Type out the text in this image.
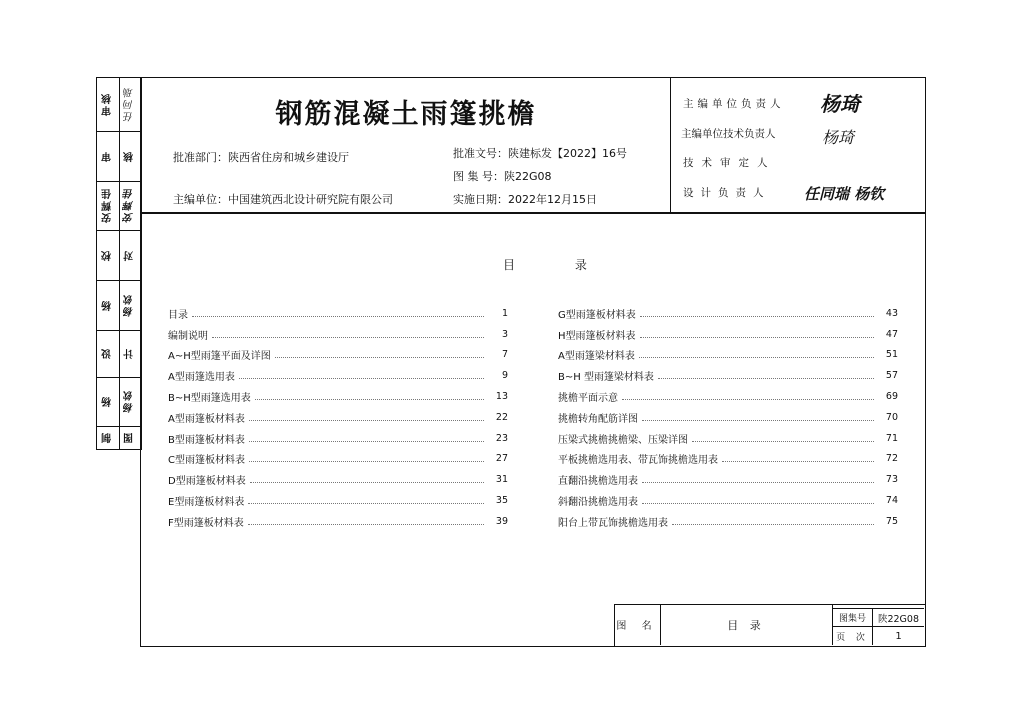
审核	任同瑞
审	核
安辉佳	安辉佳
校	对
杨	杨钦
设	计
杨	杨钦
制	图
钢筋混凝土雨篷挑檐
批准部门：陕西省住房和城乡建设厅
主编单位：中国建筑西北设计研究院有限公司
批准文号：陕建标发【2022】16号
图 集 号：陕22G08
实施日期：2022年12月15日
主编单位负责人 杨琦
主编单位技术负责人	杨琦
技术审定人
设计负责人 任同瑞 杨钦
目 录
目录	1
编制说明	3
A~H型雨篷平面及详图	7
A型雨篷选用表	9
B~H型雨篷选用表	13
A型雨篷板材料表	22
B型雨篷板材料表	23
C型雨篷板材料表	27
D型雨篷板材料表	31
E型雨篷板材料表	35
F型雨篷板材料表	39
G型雨篷板材料表	43
H型雨篷板材料表	47
A型雨篷梁材料表	51
B~H 型雨篷梁材料表	57
挑檐平面示意	69
挑檐转角配筋详图	70
压梁式挑檐挑檐梁、压梁详图	71
平板挑檐选用表、带瓦饰挑檐选用表	72
直翻沿挑檐选用表	73
斜翻沿挑檐选用表	74
阳台上带瓦饰挑檐选用表	75
图 名	目 录	图集号	陕22G08
页 次	1
